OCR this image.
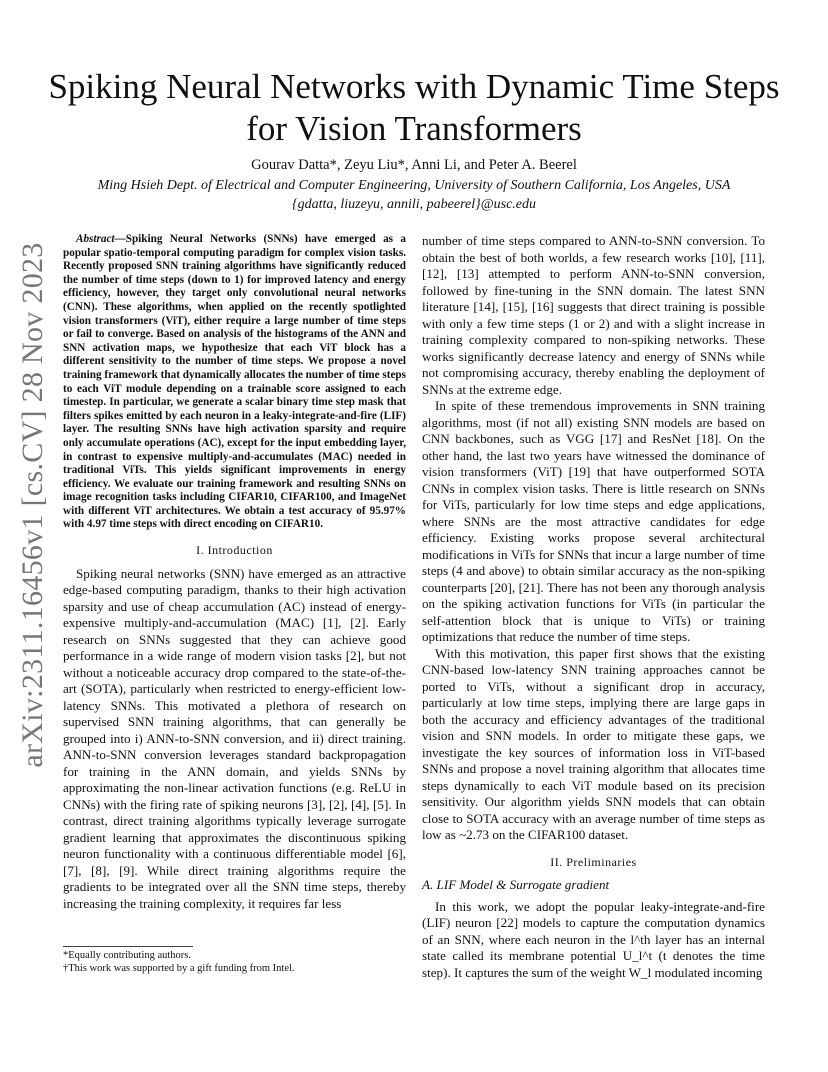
arXiv:2311.16456v1 [cs.CV] 28 Nov 2023
Spiking Neural Networks with Dynamic Time Steps
for Vision Transformers
Gourav Datta*, Zeyu Liu*, Anni Li, and Peter A. Beerel
Ming Hsieh Dept. of Electrical and Computer Engineering, University of Southern California, Los Angeles, USA
{gdatta, liuzeyu, annili, pabeerel}@usc.edu

Abstract—Spiking Neural Networks (SNNs) have emerged as a popular spatio-temporal computing paradigm for complex vision tasks. Recently proposed SNN training algorithms have significantly reduced the number of time steps (down to 1) for improved latency and energy efficiency, however, they target only convolutional neural networks (CNN). These algorithms, when applied on the recently spotlighted vision transformers (ViT), either require a large number of time steps or fail to converge. Based on analysis of the histograms of the ANN and SNN activation maps, we hypothesize that each ViT block has a different sensitivity to the number of time steps. We propose a novel training framework that dynamically allocates the number of time steps to each ViT module depending on a trainable score assigned to each timestep. In particular, we generate a scalar binary time step mask that filters spikes emitted by each neuron in a leaky-integrate-and-fire (LIF) layer. The resulting SNNs have high activation sparsity and require only accumulate operations (AC), except for the input embedding layer, in contrast to expensive multiply-and-accumulates (MAC) needed in traditional ViTs. This yields significant improvements in energy efficiency. We evaluate our training framework and resulting SNNs on image recognition tasks including CIFAR10, CIFAR100, and ImageNet with different ViT architectures. We obtain a test accuracy of 95.97% with 4.97 time steps with direct encoding on CIFAR10.

I. Introduction

Spiking neural networks (SNN) have emerged as an attractive edge-based computing paradigm, thanks to their high activation sparsity and use of cheap accumulation (AC) instead of energy-expensive multiply-and-accumulation (MAC) [1], [2]. Early research on SNNs suggested that they can achieve good performance in a wide range of modern vision tasks [2], but not without a noticeable accuracy drop compared to the state-of-the-art (SOTA), particularly when restricted to energy-efficient low-latency SNNs. This motivated a plethora of research on supervised SNN training algorithms, that can generally be grouped into i) ANN-to-SNN conversion, and ii) direct training. ANN-to-SNN conversion leverages standard backpropagation for training in the ANN domain, and yields SNNs by approximating the non-linear activation functions (e.g. ReLU in CNNs) with the firing rate of spiking neurons [3], [2], [4], [5]. In contrast, direct training algorithms typically leverage surrogate gradient learning that approximates the discontinuous spiking neuron functionality with a continuous differentiable model [6], [7], [8], [9]. While direct training algorithms require the gradients to be integrated over all the SNN time steps, thereby increasing the training complexity, it requires far less

number of time steps compared to ANN-to-SNN conversion. To obtain the best of both worlds, a few research works [10], [11], [12], [13] attempted to perform ANN-to-SNN conversion, followed by fine-tuning in the SNN domain. The latest SNN literature [14], [15], [16] suggests that direct training is possible with only a few time steps (1 or 2) and with a slight increase in training complexity compared to non-spiking networks. These works significantly decrease latency and energy of SNNs while not compromising accuracy, thereby enabling the deployment of SNNs at the extreme edge.

In spite of these tremendous improvements in SNN training algorithms, most (if not all) existing SNN models are based on CNN backbones, such as VGG [17] and ResNet [18]. On the other hand, the last two years have witnessed the dominance of vision transformers (ViT) [19] that have outperformed SOTA CNNs in complex vision tasks. There is little research on SNNs for ViTs, particularly for low time steps and edge applications, where SNNs are the most attractive candidates for edge efficiency. Existing works propose several architectural modifications in ViTs for SNNs that incur a large number of time steps (4 and above) to obtain similar accuracy as the non-spiking counterparts [20], [21]. There has not been any thorough analysis on the spiking activation functions for ViTs (in particular the self-attention block that is unique to ViTs) or training optimizations that reduce the number of time steps.

With this motivation, this paper first shows that the existing CNN-based low-latency SNN training approaches cannot be ported to ViTs, without a significant drop in accuracy, particularly at low time steps, implying there are large gaps in both the accuracy and efficiency advantages of the traditional vision and SNN models. In order to mitigate these gaps, we investigate the key sources of information loss in ViT-based SNNs and propose a novel training algorithm that allocates time steps dynamically to each ViT module based on its precision sensitivity. Our algorithm yields SNN models that can obtain close to SOTA accuracy with an average number of time steps as low as ~2.73 on the CIFAR100 dataset.

II. Preliminaries
A. LIF Model & Surrogate gradient

In this work, we adopt the popular leaky-integrate-and-fire (LIF) neuron [22] models to capture the computation dynamics of an SNN, where each neuron in the l^th layer has an internal state called its membrane potential U_l^t (t denotes the time step). It captures the sum of the weight W_l modulated incoming

*Equally contributing authors.
†This work was supported by a gift funding from Intel.
